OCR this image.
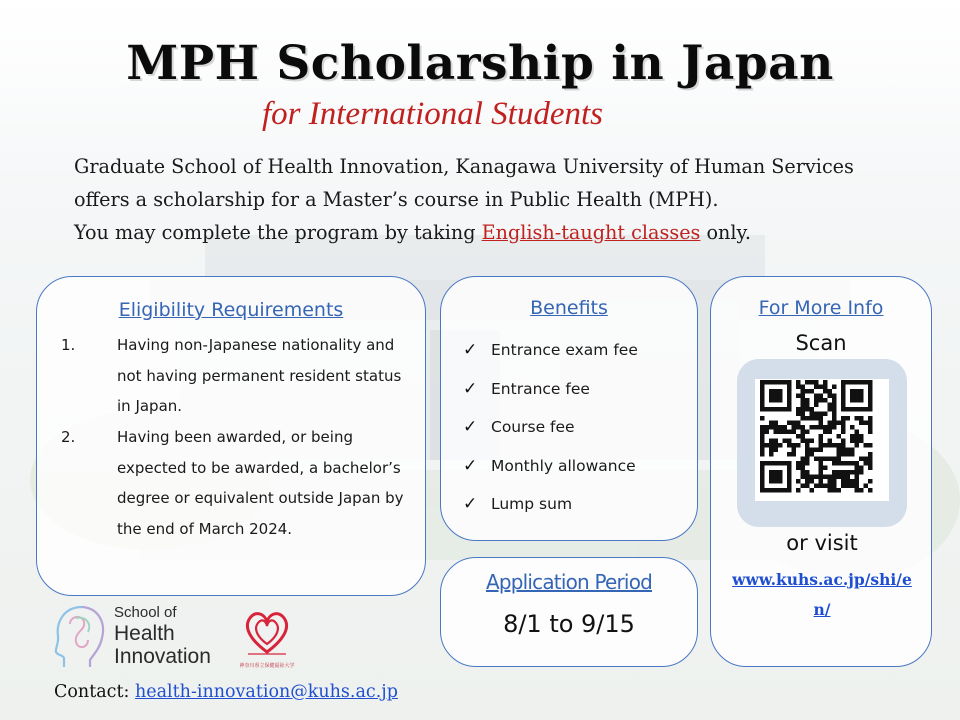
MPH Scholarship in Japan
for International Students
Graduate School of Health Innovation, Kanagawa University of Human Services
offers a scholarship for a Master’s course in Public Health (MPH).
You may complete the program by taking English-taught classes only.
Eligibility Requirements
1.	Having non-Japanese nationality and not having permanent resident status in Japan.
2.	Having been awarded, or being expected to be awarded, a bachelor’s degree or equivalent outside Japan by the end of March 2024.
Benefits
✓ Entrance exam fee
✓ Entrance fee
✓ Course fee
✓ Monthly allowance
✓ Lump sum
Application Period
8/1 to 9/15
For More Info
Scan
or visit
www.kuhs.ac.jp/shi/en/
School of
Health
Innovation	神奈川県立保健福祉大学
Contact: health-innovation@kuhs.ac.jp
